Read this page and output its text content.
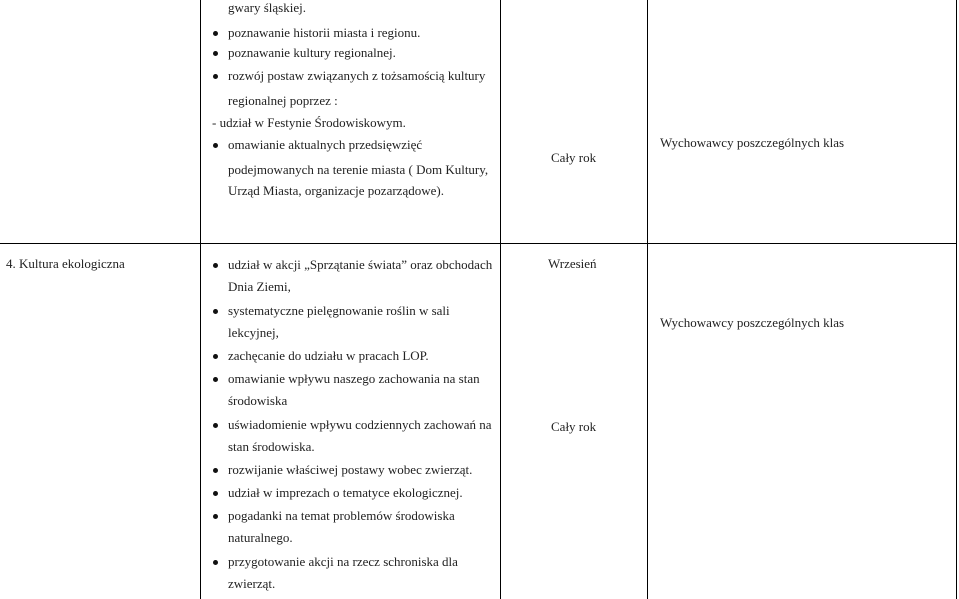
gwary śląskiej.
poznawanie historii miasta i regionu.
poznawanie kultury regionalnej.
rozwój postaw związanych z tożsamością kultury
regionalnej poprzez :
- udział w Festynie Środowiskowym.
omawianie aktualnych przedsięwzięć
podejmowanych na terenie miasta ( Dom Kultury,
Urząd Miasta, organizacje pozarządowe).
Cały rok
Wychowawcy poszczególnych klas
4. Kultura ekologiczna	udział w akcji „Sprzątanie świata” oraz obchodach
Dnia Ziemi,
systematyczne pielęgnowanie roślin w sali
lekcyjnej,
zachęcanie do udziału w pracach LOP.
omawianie wpływu naszego zachowania na stan
środowiska
uświadomienie wpływu codziennych zachowań na
stan środowiska.
rozwijanie właściwej postawy wobec zwierząt.
udział w imprezach o tematyce ekologicznej.
pogadanki na temat problemów środowiska
naturalnego.
przygotowanie akcji na rzecz schroniska dla
zwierząt.
Wrzesień
Cały rok
Wychowawcy poszczególnych klas
